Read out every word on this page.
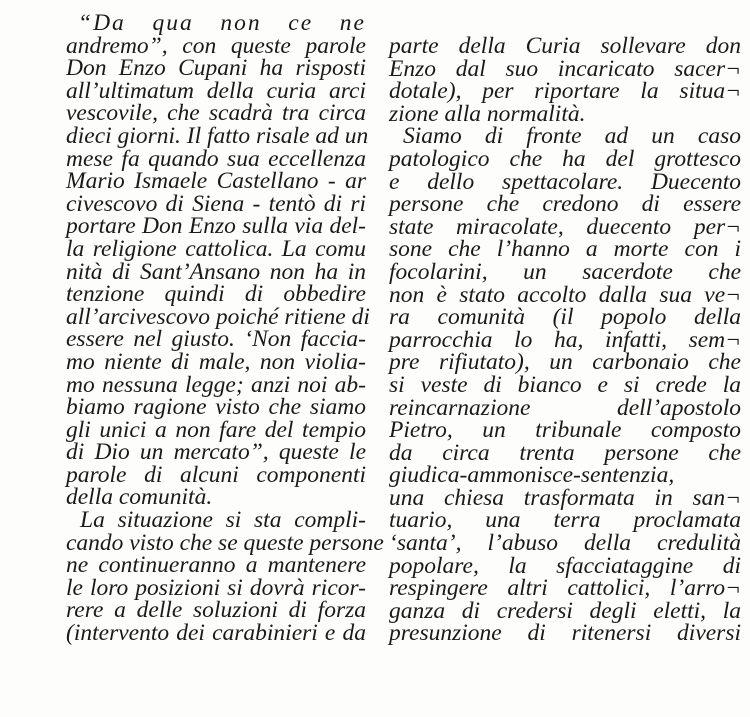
“Da qua non ce ne
andremo”, con queste parole
Don Enzo Cupani ha risposti
all’ultimatum della curia arci
vescovile, che scadrà tra circa
dieci giorni. Il fatto risale ad un
mese fa quando sua eccellenza
Mario Ismaele Castellano - ar
civescovo di Siena - tentò di ri
portare Don Enzo sulla via del-
la religione cattolica. La comu
nità di Sant’Ansano non ha in
tenzione quindi di obbedire
all’arcivescovo poiché ritiene di
essere nel giusto. ‘Non faccia-
mo niente di male, non violia-
mo nessuna legge; anzi noi ab-
biamo ragione visto che siamo
gli unici a non fare del tempio
di Dio un mercato”, queste le
parole di alcuni componenti
della comunità.
La situazione si sta compli-
cando visto che se queste persone
ne continueranno a mantenere
le loro posizioni si dovrà ricor-
rere a delle soluzioni di forza
(intervento dei carabinieri e da
parte della Curia sollevare don
Enzo dal suo incaricato sacer¬
dotale), per riportare la situa¬
zione alla normalità.
Siamo di fronte ad un caso
patologico che ha del grottesco
e dello spettacolare. Duecento
persone che credono di essere
state miracolate, duecento per¬
sone che l’hanno a morte con i
focolarini, un sacerdote che
non è stato accolto dalla sua ve¬
ra comunità (il popolo della
parrocchia lo ha, infatti, sem¬
pre rifiutato), un carbonaio che
si veste di bianco e si crede la
reincarnazione dell’apostolo
Pietro, un tribunale composto
da circa trenta persone che
giudica-ammonisce-sentenzia,
una chiesa trasformata in san¬
tuario, una terra proclamata
‘santa’, l’abuso della credulità
popolare, la sfacciataggine di
respingere altri cattolici, l’arro¬
ganza di credersi degli eletti, la
presunzione di ritenersi diversi
